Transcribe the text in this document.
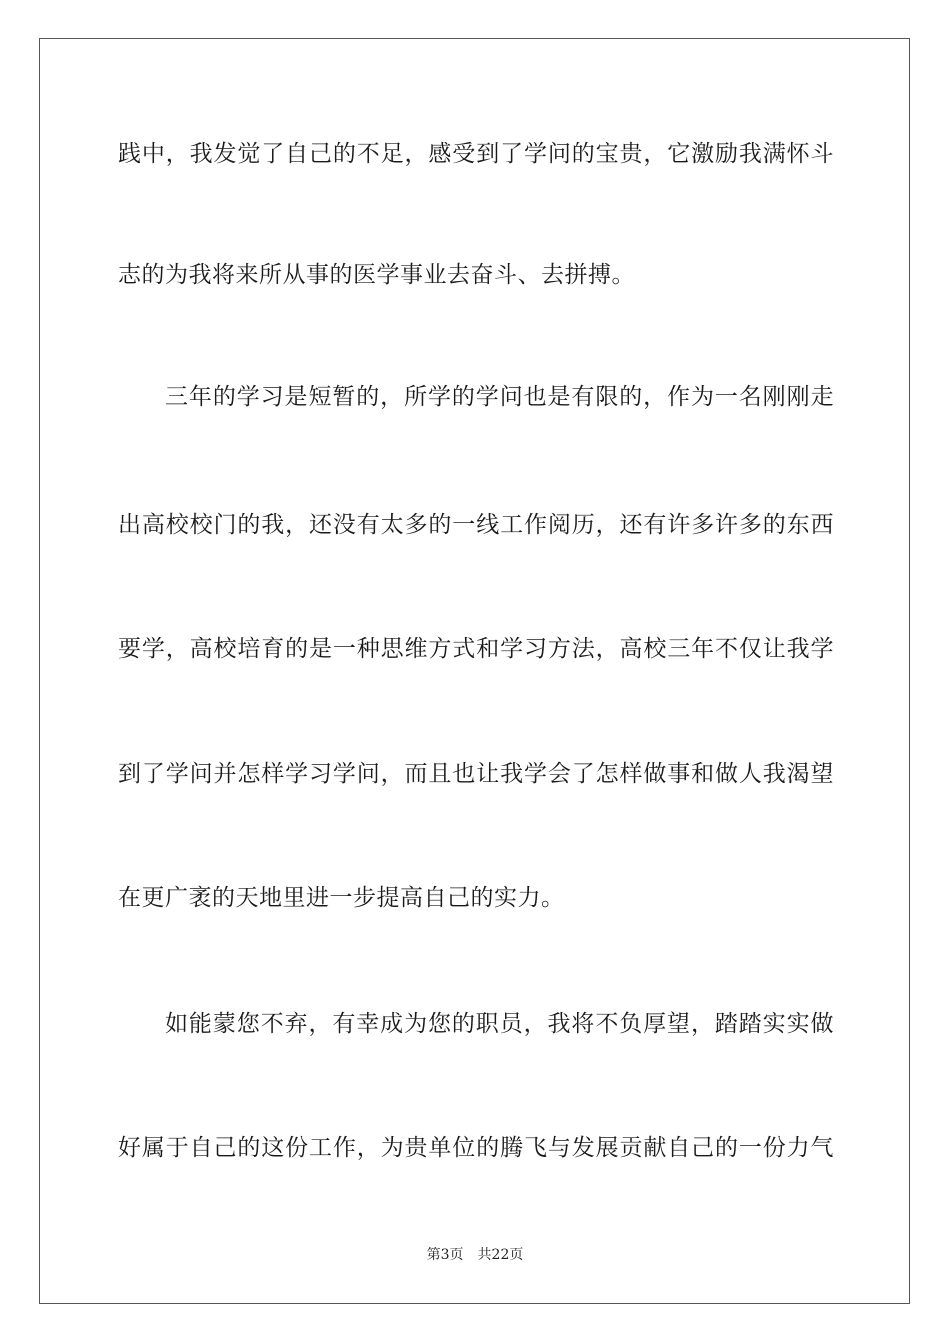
践中，我发觉了自己的不足，感受到了学问的宝贵，它激励我满怀斗
志的为我将来所从事的医学事业去奋斗、去拼搏。
三年的学习是短暂的，所学的学问也是有限的，作为一名刚刚走
出高校校门的我，还没有太多的一线工作阅历，还有许多许多的东西
要学，高校培育的是一种思维方式和学习方法，高校三年不仅让我学
到了学问并怎样学习学问，而且也让我学会了怎样做事和做人我渴望
在更广袤的天地里进一步提高自己的实力。
如能蒙您不弃，有幸成为您的职员，我将不负厚望，踏踏实实做
好属于自己的这份工作，为贵单位的腾飞与发展贡献自己的一份力气
第3页 共22页
